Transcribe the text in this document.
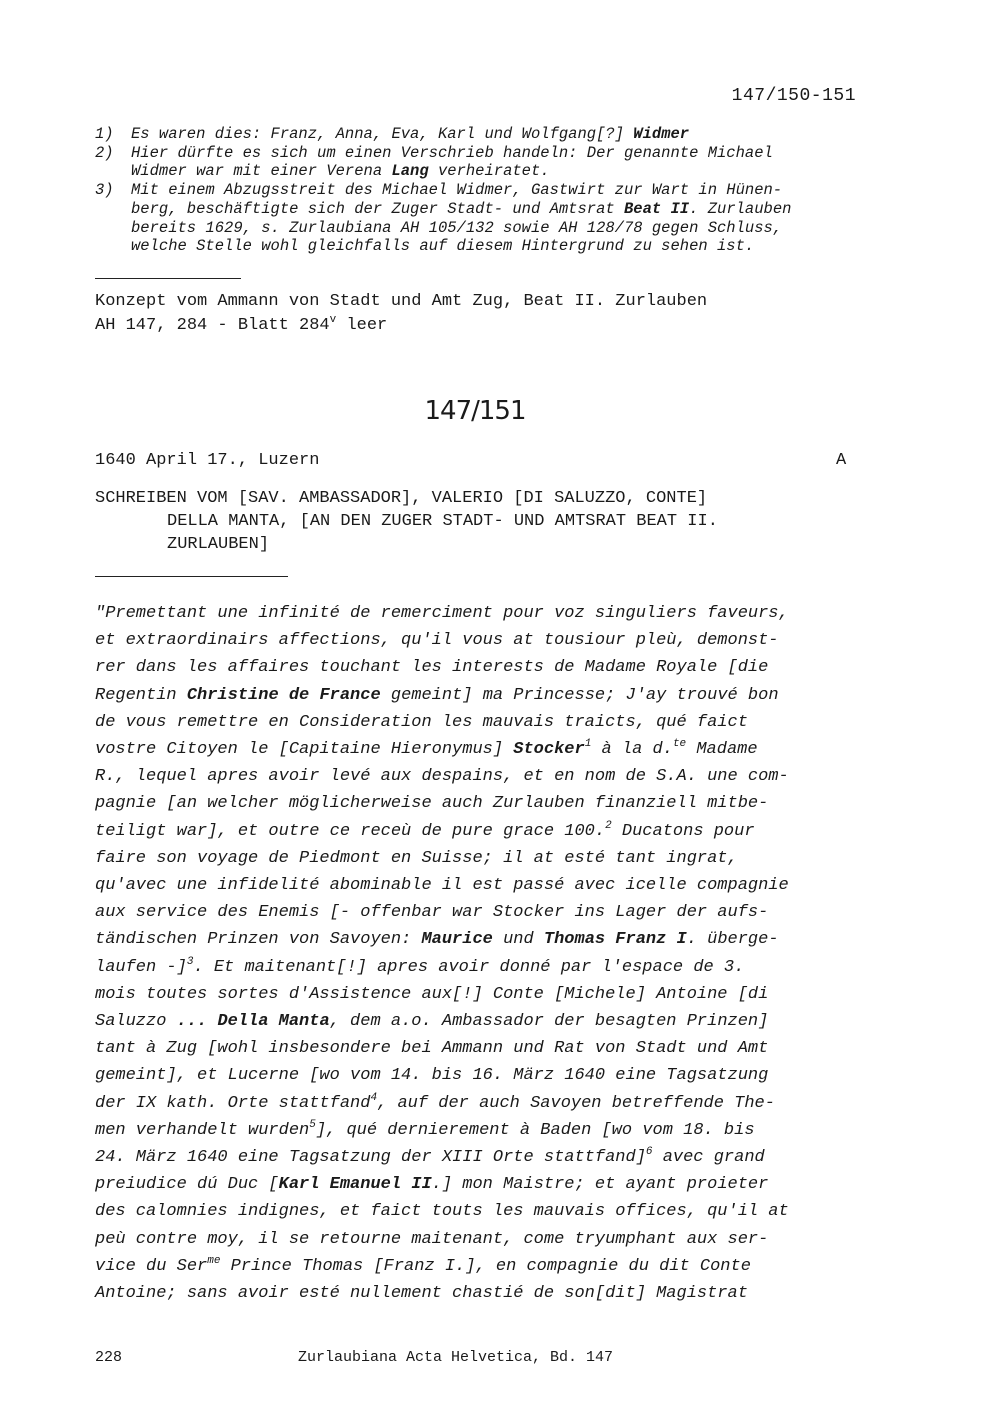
147/150-151
1)	Es waren dies: Franz, Anna, Eva, Karl und Wolfgang[?] Widmer
2)	Hier dürfte es sich um einen Verschrieb handeln: Der genannte Michael
Widmer war mit einer Verena Lang verheiratet.
3)	Mit einem Abzugsstreit des Michael Widmer, Gastwirt zur Wart in Hünen-
berg, beschäftigte sich der Zuger Stadt- und Amtsrat Beat II. Zurlauben
bereits 1629, s. Zurlaubiana AH 105/132 sowie AH 128/78 gegen Schluss,
welche Stelle wohl gleichfalls auf diesem Hintergrund zu sehen ist.
Konzept vom Ammann von Stadt und Amt Zug, Beat II. Zurlauben
AH 147, 284 - Blatt 284$^v$ leer
147/151
1640 April 17., Luzern	A
SCHREIBEN VOM [SAV. AMBASSADOR], VALERIO [DI SALUZZO, CONTE]
DELLA MANTA, [AN DEN ZUGER STADT- UND AMTSRAT BEAT II.
ZURLAUBEN]
"Premettant une infinité de remerciment pour voz singuliers faveurs,
et extraordinairs affections, qu'il vous at tousiour pleù, demonst-
rer dans les affaires touchant les interests de Madame Royale [die
Regentin Christine de France gemeint] ma Princesse; J'ay trouvé bon
de vous remettre en Consideration les mauvais traicts, qué faict
vostre Citoyen le [Capitaine Hieronymus] Stocker$^1$ à la d.$^{te}$ Madame
R., lequel apres avoir levé aux despains, et en nom de S.A. une com-
pagnie [an welcher möglicherweise auch Zurlauben finanziell mitbe-
teiligt war], et outre ce receù de pure grace 100.$^2$ Ducatons pour
faire son voyage de Piedmont en Suisse; il at esté tant ingrat,
qu'avec une infidelité abominable il est passé avec icelle compagnie
aux service des Enemis [- offenbar war Stocker ins Lager der aufs-
tändischen Prinzen von Savoyen: Maurice und Thomas Franz I. überge-
laufen -]$^3$. Et maitenant[!] apres avoir donné par l'espace de 3.
mois toutes sortes d'Assistence aux[!] Conte [Michele] Antoine [di
Saluzzo ... Della Manta, dem a.o. Ambassador der besagten Prinzen]
tant à Zug [wohl insbesondere bei Ammann und Rat von Stadt und Amt
gemeint], et Lucerne [wo vom 14. bis 16. März 1640 eine Tagsatzung
der IX kath. Orte stattfand$^4$, auf der auch Savoyen betreffende The-
men verhandelt wurden$^5$], qué dernierement à Baden [wo vom 18. bis
24. März 1640 eine Tagsatzung der XIII Orte stattfand]$^6$ avec grand
preiudice dú Duc [Karl Emanuel II.] mon Maistre; et ayant proieter
des calomnies indignes, et faict touts les mauvais offices, qu'il at
peù contre moy, il se retourne maitenant, come tryumphant aux ser-
vice du Ser$^{me}$ Prince Thomas [Franz I.], en compagnie du dit Conte
Antoine; sans avoir esté nullement chastié de son[dit] Magistrat
228	Zurlaubiana Acta Helvetica, Bd. 147
